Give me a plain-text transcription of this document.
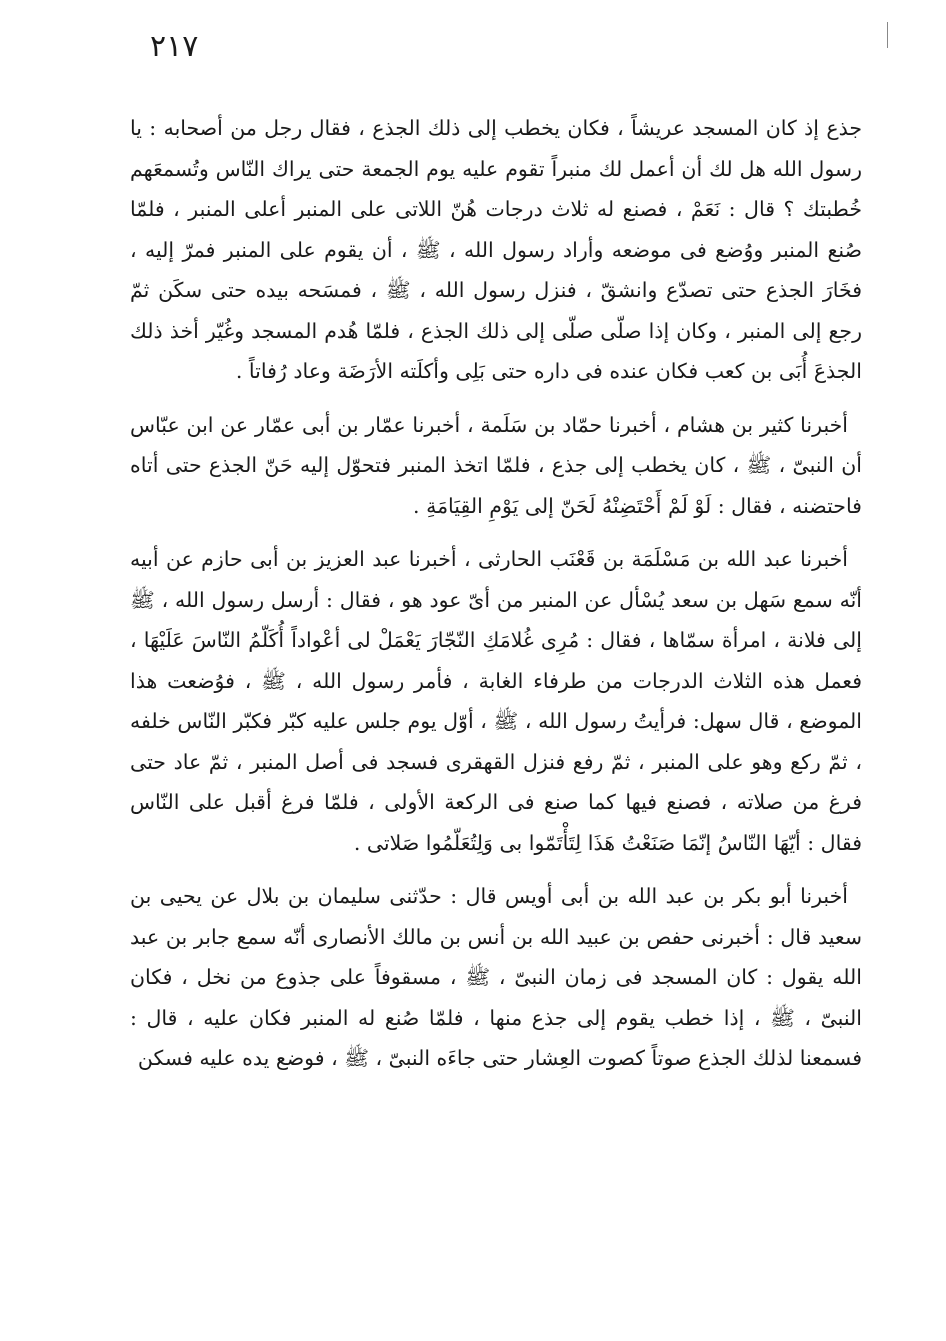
٢١٧

جذع إذ كان المسجد عريشاً ، فكان يخطب إلى ذلك الجذع ، فقال رجل من أصحابه : يا رسول الله هل لك أن أعمل لك منبراً تقوم عليه يوم الجمعة حتى يراك النّاس وتُسمعَهم خُطبتك ؟ قال : نَعَمْ ، فصنع له ثلاث درجات هُنّ اللاتى على المنبر أعلى المنبر ، فلمّا صُنع المنبر ووُضع فى موضعه وأراد رسول الله ، ﷺ ، أن يقوم على المنبر فمرّ إليه ، فخَارَ الجذع حتى تصدّع وانشقّ ، فنزل رسول الله ، ﷺ ، فمسَحه بيده حتى سكَن ثمّ رجع إلى المنبر ، وكان إذا صلّى صلّى إلى ذلك الجذع ، فلمّا هُدم المسجد وغُيّر أخذ ذلك الجذعَ أُبَى بن كعب فكان عنده فى داره حتى بَلِى وأكلَته الأرَضَة وعاد رُفاتاً .

أخبرنا كثير بن هشام ، أخبرنا حمّاد بن سَلَمة ، أخبرنا عمّار بن أبى عمّار عن ابن عبّاس أن النبىّ ، ﷺ ، كان يخطب إلى جذع ، فلمّا اتخذ المنبر فتحوّل إليه حَنّ الجذع حتى أتاه فاحتضنه ، فقال : لَوْ لَمْ أَحْتَضِنْهُ لَحَنّ إلى يَوْمِ القِيَامَةِ .

أخبرنا عبد الله بن مَسْلَمَة بن قَعْنَب الحارثى ، أخبرنا عبد العزيز بن أبى حازم عن أبيه أنّه سمع سَهل بن سعد يُسْأل عن المنبر من أىّ عود هو ، فقال : أرسل رسول الله ، ﷺ إلى فلانة ، امرأة سمّاها ، فقال : مُرِى غُلامَكِ النّجّارَ يَعْمَلْ لى أعْواداً أُكَلّمُ النّاسَ عَلَيْهَا ، فعمل هذه الثلاث الدرجات من طرفاء الغابة ، فأمر رسول الله ، ﷺ ، فوُضعت هذا الموضع ، قال سهل: فرأيتُ رسول الله ، ﷺ ، أوّل يوم جلس عليه كبّر فكبّر النّاس خلفه ، ثمّ ركع وهو على المنبر ، ثمّ رفع فنزل القهقرى فسجد فى أصل المنبر ، ثمّ عاد حتى فرغ من صلاته ، فصنع فيها كما صنع فى الركعة الأولى ، فلمّا فرغ أقبل على النّاس فقال : أيّهَا النّاسُ إنّمَا صَنَعْتُ هَذَا لِتَأْتَمّوا بى وَلِتُعَلّمُوا صَلاتى .

أخبرنا أبو بكر بن عبد الله بن أبى أويس قال : حدّثنى سليمان بن بلال عن يحيى بن سعيد قال : أخبرنى حفص بن عبيد الله بن أنس بن مالك الأنصارى أنّه سمع جابر بن عبد الله يقول : كان المسجد فى زمان النبىّ ، ﷺ ، مسقوفاً على جذوع من نخل ، فكان النبىّ ، ﷺ ، إذا خطب يقوم إلى جذع منها ، فلمّا صُنع له المنبر فكان عليه ، قال : فسمعنا لذلك الجذع صوتاً كصوت العِشار حتى جاءَه النبىّ ، ﷺ ، فوضع يده عليه فسكن
